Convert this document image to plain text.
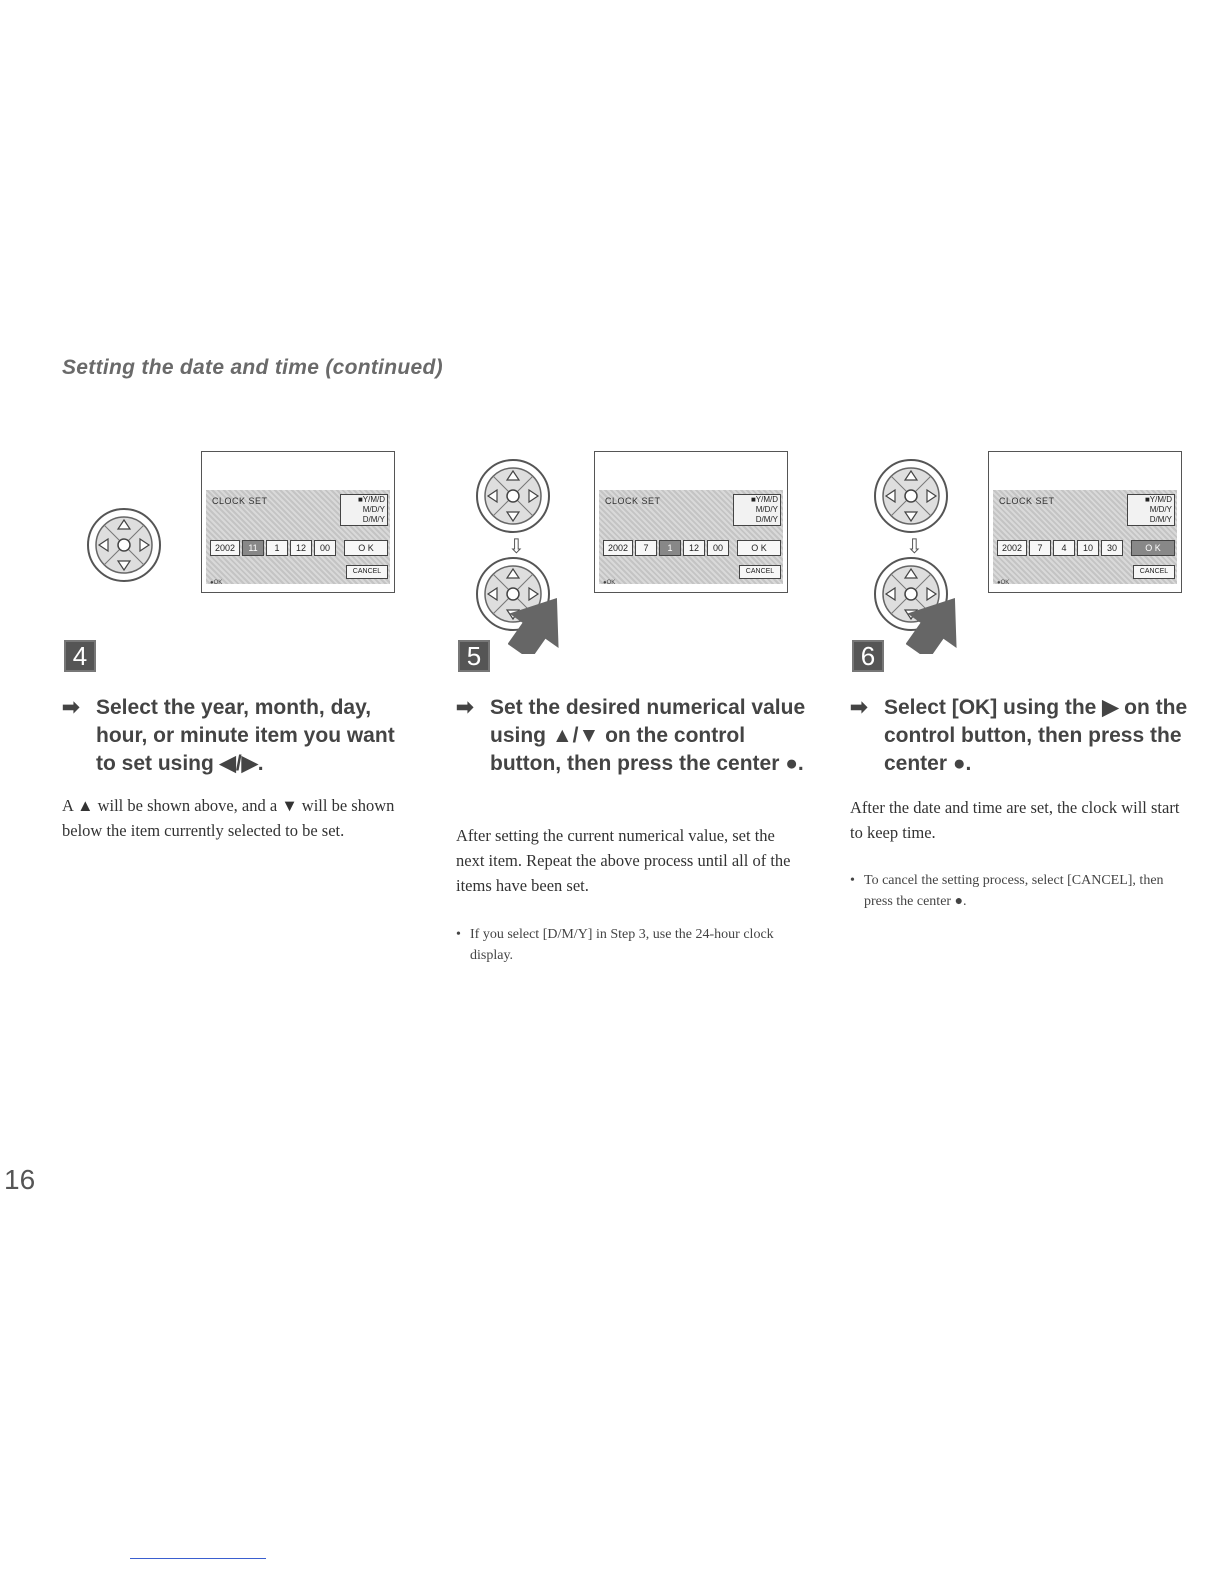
Setting the date and time (continued)
CLOCK SET	■Y/M/D
M/D/Y
D/M/Y
2002	11	1	12	00	O K
CANCEL
●OK
4
➡ Select the year, month, day, hour, or minute item you want to set using ◀/▶.
A ▲ will be shown above, and a ▼ will be shown below the item currently selected to be set.
⇩
CLOCK SET	■Y/M/D
M/D/Y
D/M/Y
2002	7	1	12	00	O K
CANCEL
●OK
5
➡ Set the desired numerical value using ▲/▼ on the control button, then press the center ●.
After setting the current numerical value, set the next item. Repeat the above process until all of the items have been set.
• If you select [D/M/Y] in Step 3, use the 24-hour clock display.
⇩
CLOCK SET	■Y/M/D
M/D/Y
D/M/Y
2002	7	4	10	30	O K
CANCEL
●OK
6
➡ Select [OK] using the ▶ on the control button, then press the center ●.
After the date and time are set, the clock will start to keep time.
• To cancel the setting process, select [CANCEL], then press the center ●.
16
